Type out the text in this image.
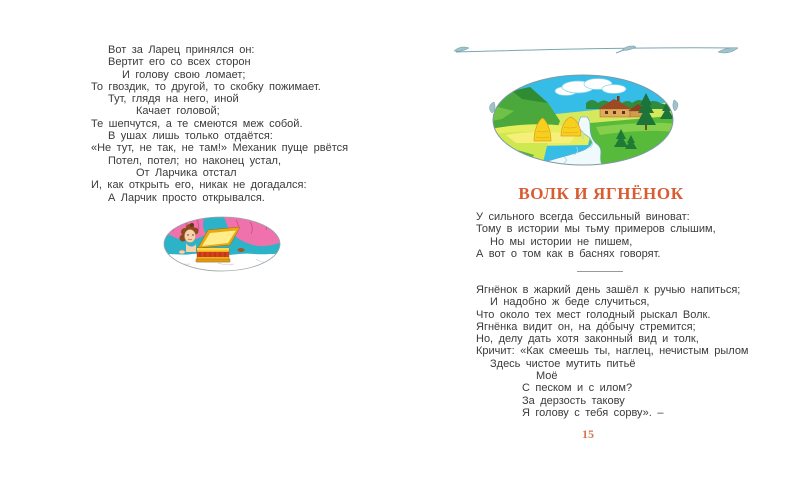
Вот за Ларец принялся он:
Вертит его со всех сторон
И голову свою ломает;
То гвоздик, то другой, то скобку пожимает.
Тут, глядя на него, иной
Качает головой;
Те шепчутся, а те смеются меж собой.
В ушах лишь только отдаётся:
«Не тут, не так, не там!» Механик пуще рвётся
Потел, потел; но наконец устал,
От Ларчика отстал
И, как открыть его, никак не догадался:
А Ларчик просто открывался.	ВОЛК И ЯГНЁНОК
У сильного всегда бессильный виноват:
Тому в истории мы тьму примеров слышим,
Но мы истории не пишем,
А вот о том как в баснях говорят.
Ягнёнок в жаркий день зашёл к ручью напиться;
И надобно ж беде случиться,
Что около тех мест голодный рыскал Волк.
Ягнёнка видит он, на до́бычу стремится;
Но, делу дать хотя законный вид и толк,
Кричит: «Как смеешь ты, наглец, нечистым рылом
Здесь чистое мутить питьё
Моё
С песком и с илом?
За дерзость такову
Я голову с тебя сорву». –
15
